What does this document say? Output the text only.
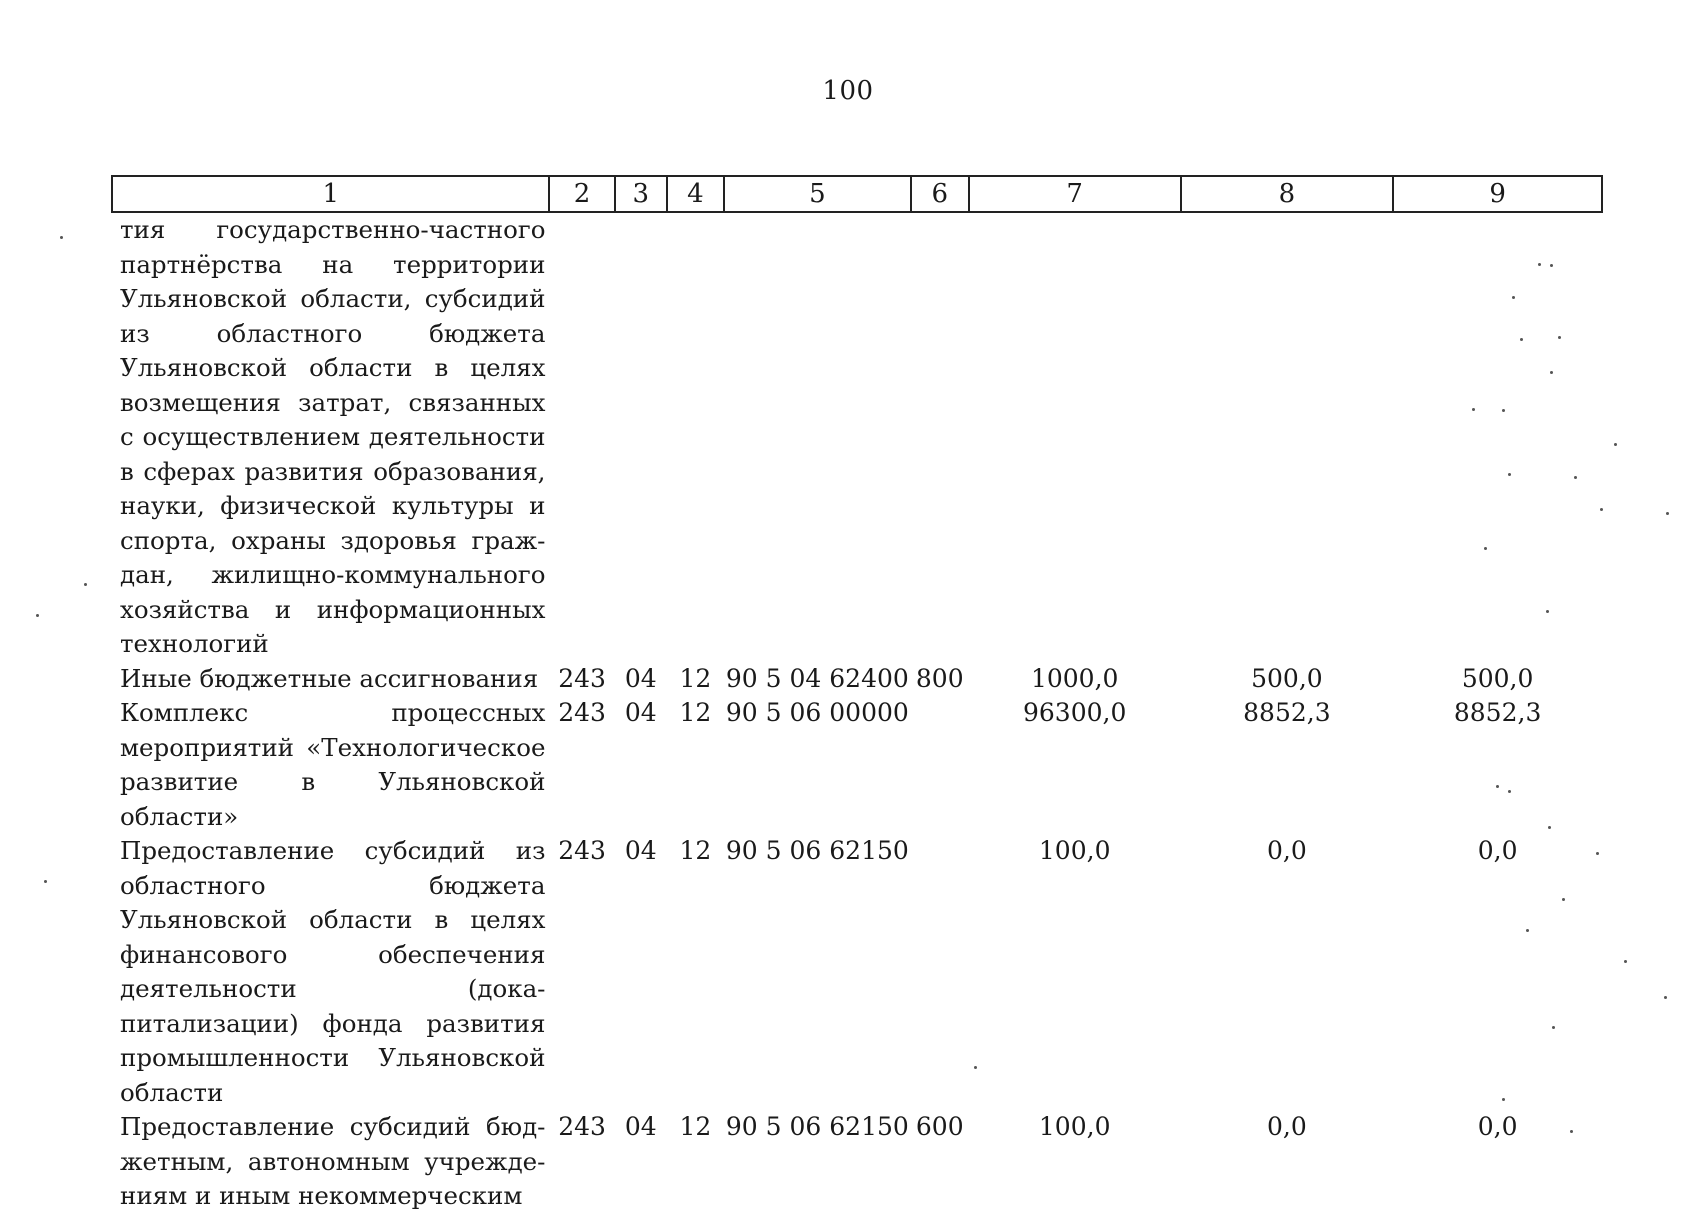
100
1	2	3	4	5	6	7	8	9
тия государственно-частного партнёрства на территории Ульяновской области, субсидий из областного бюджета Ульяновской области в целях возмещения затрат, связанных с осуществлением деятельности в сферах развития образования, науки, физической культуры и спорта, охраны здоровья граждан, жилищно-коммунального хозяйства и информационных технологий								
Иные бюджетные ассигнования	243	04	12	90 5 04 62400	800	1000,0	500,0	500,0
Комплекс процессных мероприятий «Технологическое развитие в Ульяновской области»	243	04	12	90 5 06 00000		96300,0	8852,3	8852,3
Предоставление субсидий из областного бюджета Ульяновской области в целях финансового обеспечения деятельности (докапитализации) фонда развития промышленности Ульяновской области	243	04	12	90 5 06 62150		100,0	0,0	0,0
Предоставление субсидий бюджетным, автономным учреждениям и иным некоммерческим	243	04	12	90 5 06 62150	600	100,0	0,0	0,0
